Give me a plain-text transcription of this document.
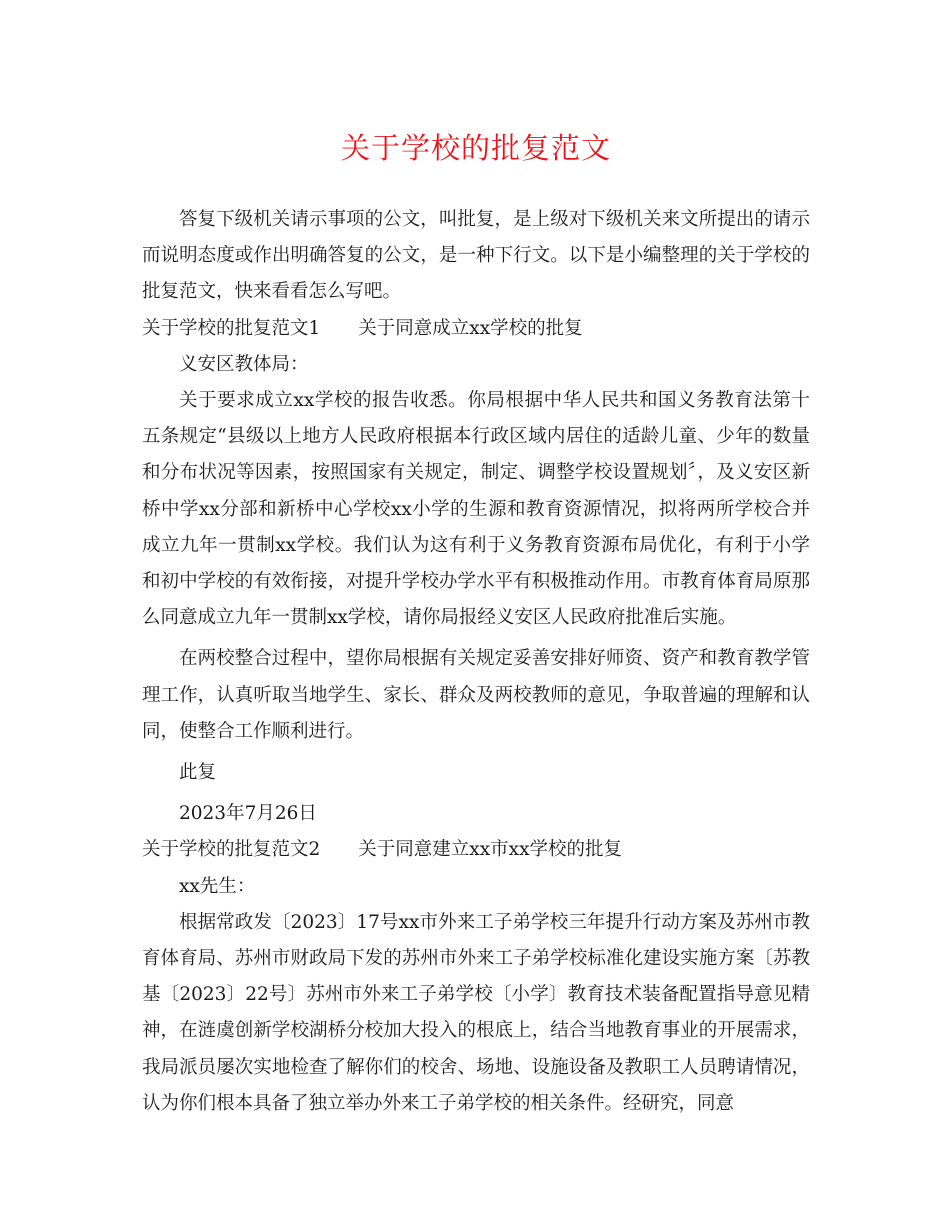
关于学校的批复范文

答复下级机关请示事项的公文，叫批复，是上级对下级机关来文所提出的请示而说明态度或作出明确答复的公文，是一种下行文。以下是小编整理的关于学校的批复范文，快来看看怎么写吧。

关于学校的批复范文1 关于同意成立xx学校的批复

义安区教体局：

关于要求成立xx学校的报告收悉。你局根据中华人民共和国义务教育法第十五条规定“县级以上地方人民政府根据本行政区域内居住的适龄儿童、少年的数量和分布状况等因素，按照国家有关规定，制定、调整学校设置规划〞，及义安区新桥中学xx分部和新桥中心学校xx小学的生源和教育资源情况，拟将两所学校合并成立九年一贯制xx学校。我们认为这有利于义务教育资源布局优化，有利于小学和初中学校的有效衔接，对提升学校办学水平有积极推动作用。市教育体育局原那么同意成立九年一贯制xx学校，请你局报经义安区人民政府批准后实施。

在两校整合过程中，望你局根据有关规定妥善安排好师资、资产和教育教学管理工作，认真听取当地学生、家长、群众及两校教师的意见，争取普遍的理解和认同，使整合工作顺利进行。

此复

2023年7月26日

关于学校的批复范文2 关于同意建立xx市xx学校的批复

xx先生：

根据常政发〔2023〕17号xx市外来工子弟学校三年提升行动方案及苏州市教育体育局、苏州市财政局下发的苏州市外来工子弟学校标准化建设实施方案〔苏教基〔2023〕22号〕苏州市外来工子弟学校〔小学〕教育技术装备配置指导意见精神，在涟虞创新学校湖桥分校加大投入的根底上，结合当地教育事业的开展需求，我局派员屡次实地检查了解你们的校舍、场地、设施设备及教职工人员聘请情况，认为你们根本具备了独立举办外来工子弟学校的相关条件。经研究，同意
